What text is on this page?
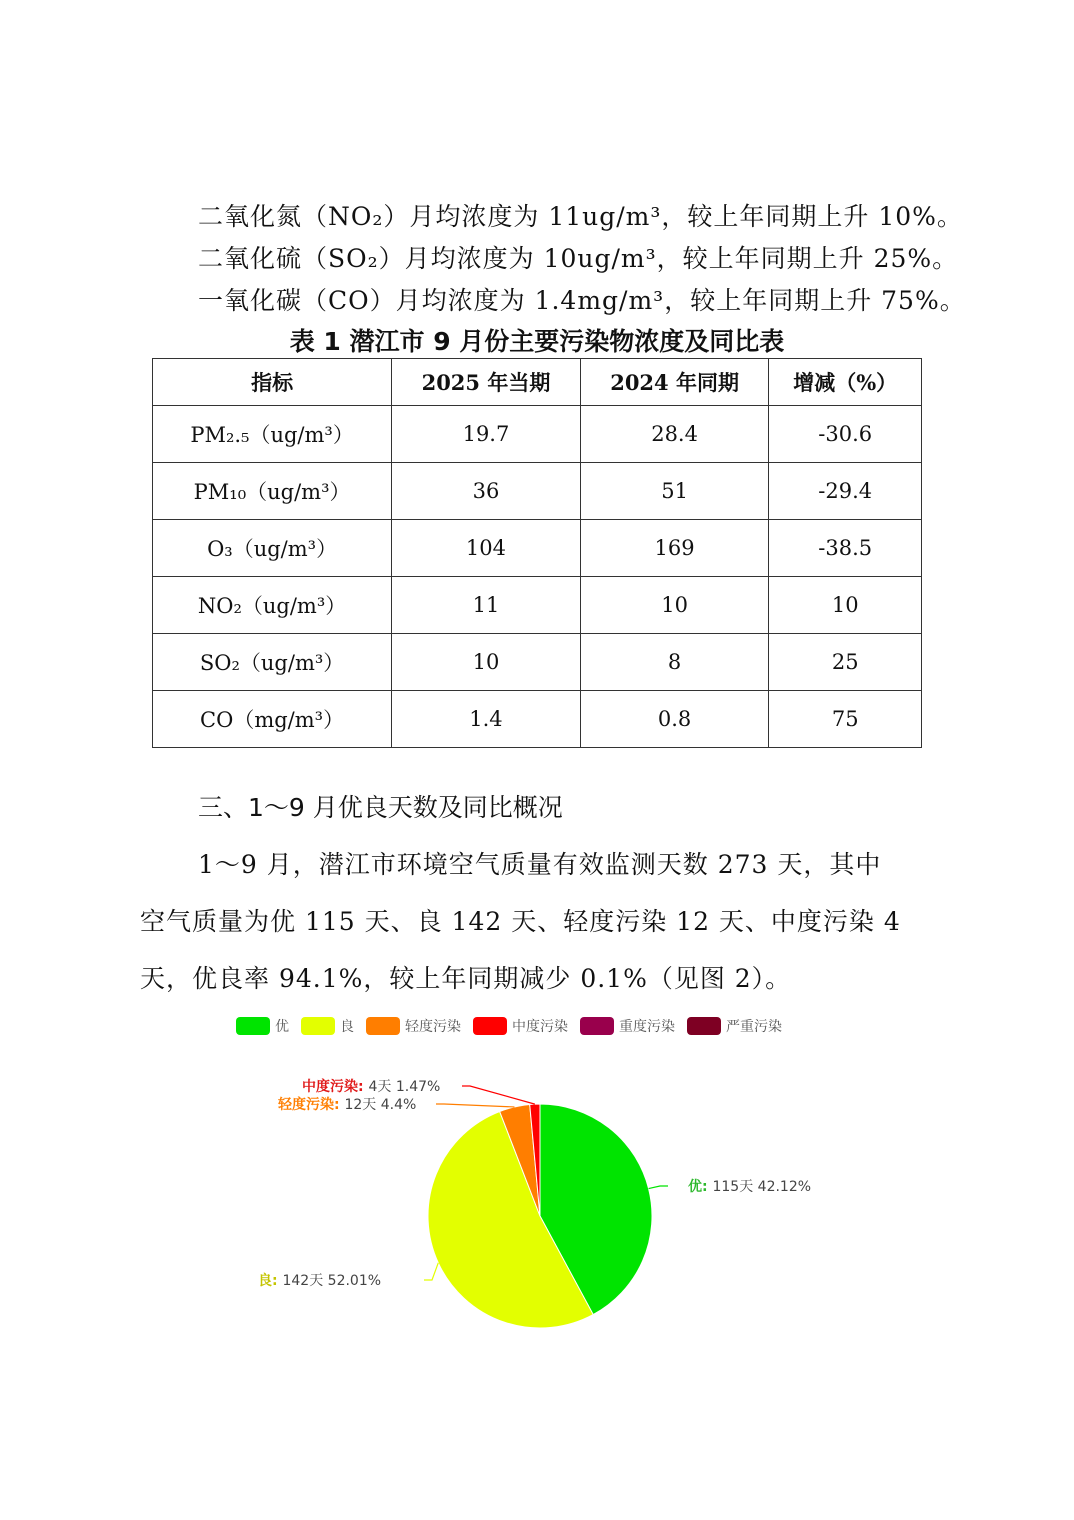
二氧化氮（NO₂）月均浓度为 11ug/m³，较上年同期上升 10%。
二氧化硫（SO₂）月均浓度为 10ug/m³，较上年同期上升 25%。
一氧化碳（CO）月均浓度为 1.4mg/m³，较上年同期上升 75%。
表 1 潜江市 9 月份主要污染物浓度及同比表
指标	2025 年当期	2024 年同期	增减（%）
PM₂.₅（ug/m³）	19.7	28.4	-30.6
PM₁₀（ug/m³）	36	51	-29.4
O₃（ug/m³）	104	169	-38.5
NO₂（ug/m³）	11	10	10
SO₂（ug/m³）	10	8	25
CO（mg/m³）	1.4	0.8	75
三、1～9 月优良天数及同比概况
1～9 月，潜江市环境空气质量有效监测天数 273 天，其中
空气质量为优 115 天、良 142 天、轻度污染 12 天、中度污染 4
天，优良率 94.1%，较上年同期减少 0.1%（见图 2）。
优	良	轻度污染	中度污染	重度污染	严重污染
优: 115天 42.12%
良: 142天 52.01%
轻度污染: 12天 4.4%
中度污染: 4天 1.47%
